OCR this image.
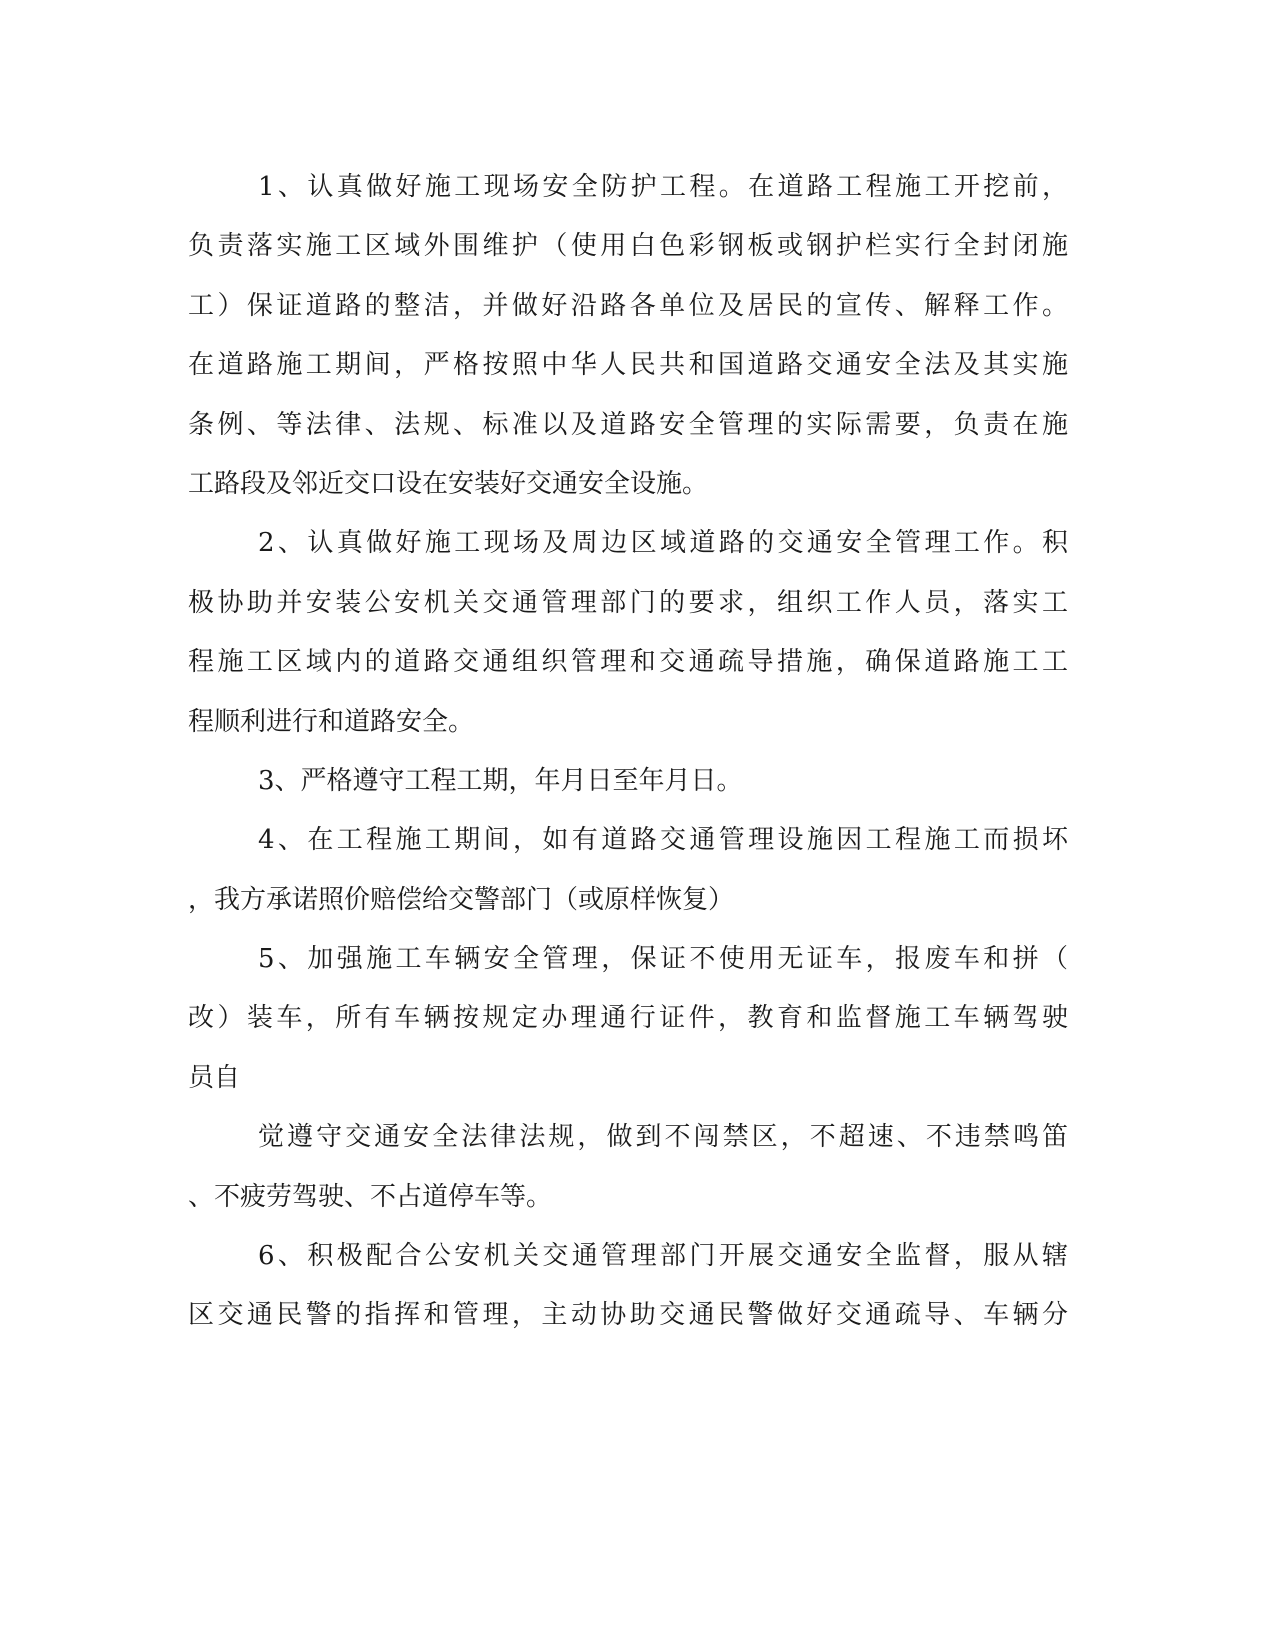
1、认真做好施工现场安全防护工程。在道路工程施工开挖前，
负责落实施工区域外围维护（使用白色彩钢板或钢护栏实行全封闭施
工）保证道路的整洁，并做好沿路各单位及居民的宣传、解释工作。
在道路施工期间，严格按照中华人民共和国道路交通安全法及其实施
条例、等法律、法规、标准以及道路安全管理的实际需要，负责在施
工路段及邻近交口设在安装好交通安全设施。
2、认真做好施工现场及周边区域道路的交通安全管理工作。积
极协助并安装公安机关交通管理部门的要求，组织工作人员，落实工
程施工区域内的道路交通组织管理和交通疏导措施，确保道路施工工
程顺利进行和道路安全。
3、严格遵守工程工期，年月日至年月日。
4、在工程施工期间，如有道路交通管理设施因工程施工而损坏
，我方承诺照价赔偿给交警部门（或原样恢复）
5、加强施工车辆安全管理，保证不使用无证车，报废车和拼（
改）装车，所有车辆按规定办理通行证件，教育和监督施工车辆驾驶
员自
觉遵守交通安全法律法规，做到不闯禁区，不超速、不违禁鸣笛
、不疲劳驾驶、不占道停车等。
6、积极配合公安机关交通管理部门开展交通安全监督，服从辖
区交通民警的指挥和管理，主动协助交通民警做好交通疏导、车辆分
